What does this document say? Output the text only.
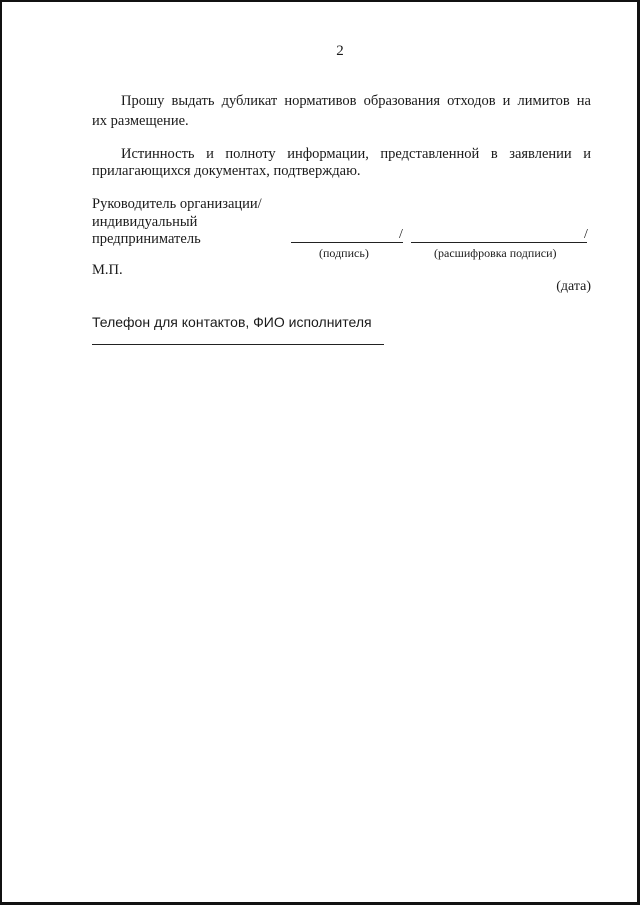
2
Прошу выдать дубликат нормативов образования отходов и лимитов на
их размещение.
Истинность и полноту информации, представленной в заявлении и
прилагающихся документах, подтверждаю.
Руководитель организации/
индивидуальный
предприниматель	/	/
(подпись)	(расшифровка подписи)
М.П.
(дата)
Телефон для контактов, ФИО исполнителя
